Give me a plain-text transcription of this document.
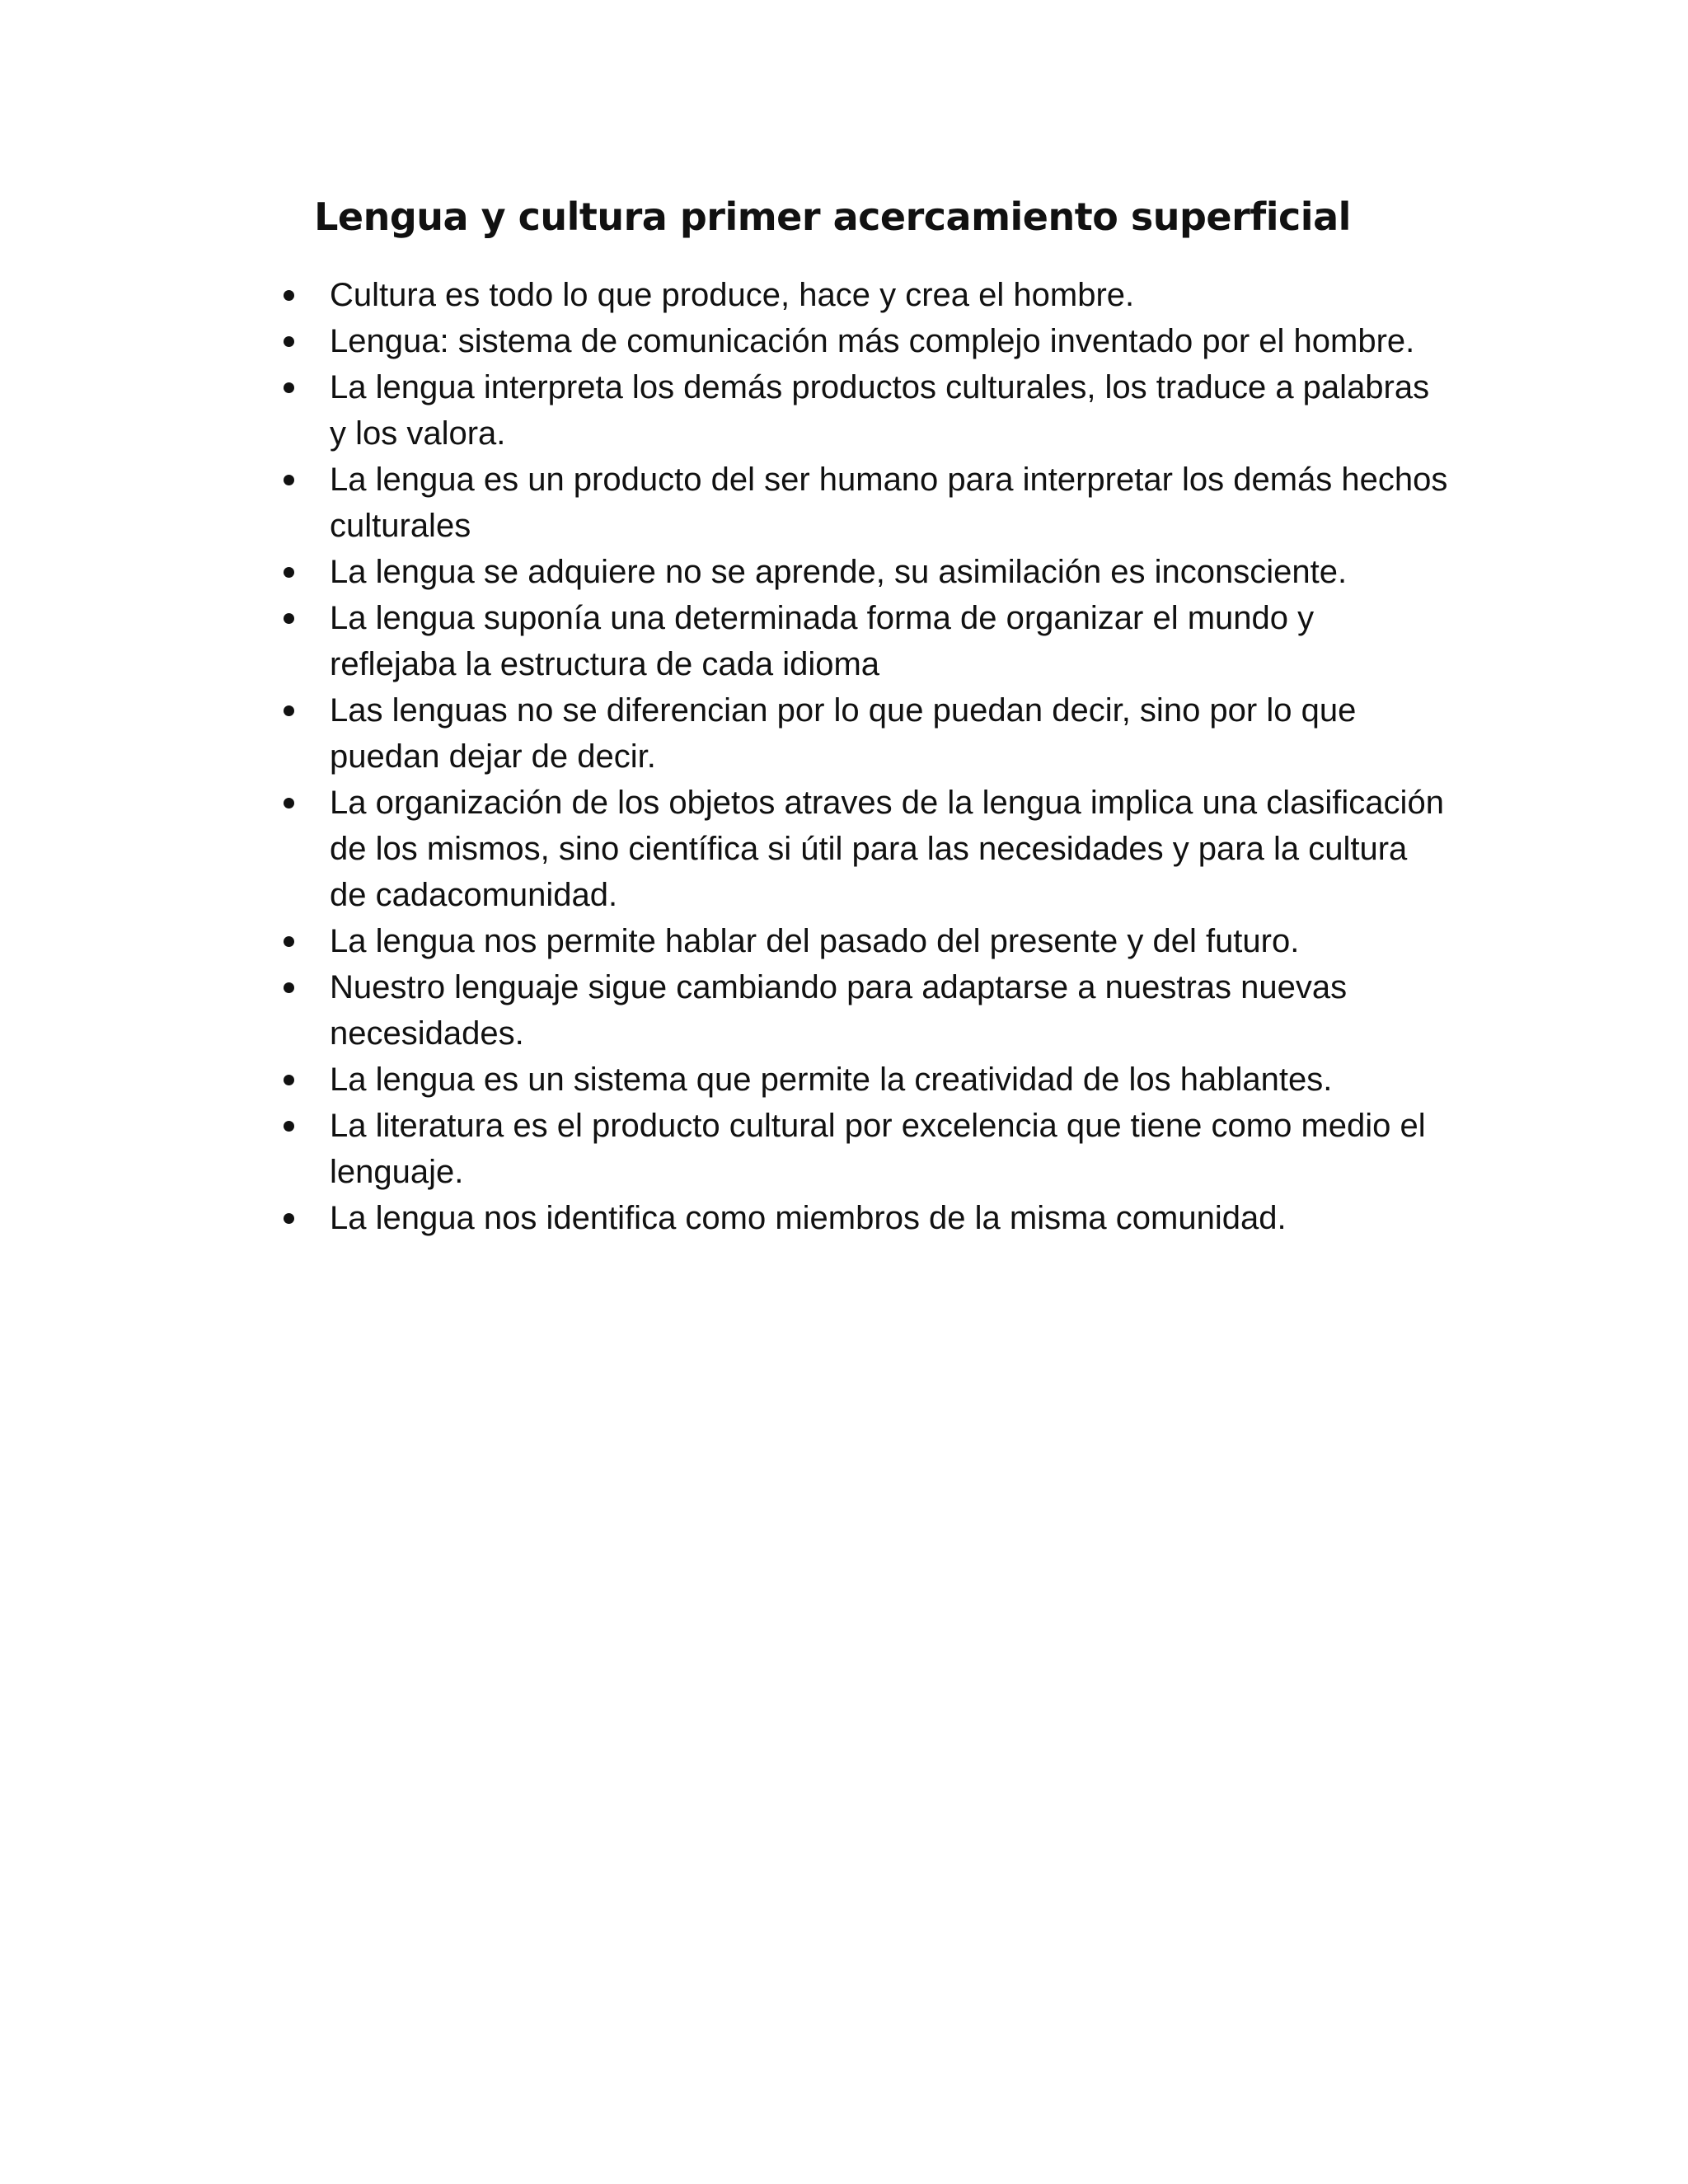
Lengua y cultura primer acercamiento superficial
Cultura es todo lo que produce, hace y crea el hombre.
Lengua: sistema de comunicación más complejo inventado por el hombre.
La lengua interpreta los demás productos culturales, los traduce a palabras y los valora.
La lengua es un producto del ser humano para interpretar los demás hechos culturales
La lengua se adquiere no se aprende, su asimilación es inconsciente.
La lengua suponía una determinada forma de organizar el mundo y reflejaba la estructura de cada idioma
Las lenguas no se diferencian por lo que puedan decir, sino por lo que puedan dejar de decir.
La organización de los objetos atraves de la lengua implica una clasificación de los mismos, sino científica si útil para las necesidades y para la cultura de cadacomunidad.
La lengua nos permite hablar del pasado del presente y del futuro.
Nuestro lenguaje sigue cambiando para adaptarse a nuestras nuevas necesidades.
La lengua es un sistema que permite la creatividad de los hablantes.
La literatura es el producto cultural por excelencia que tiene como medio el lenguaje.
La lengua nos identifica como miembros de la misma comunidad.
